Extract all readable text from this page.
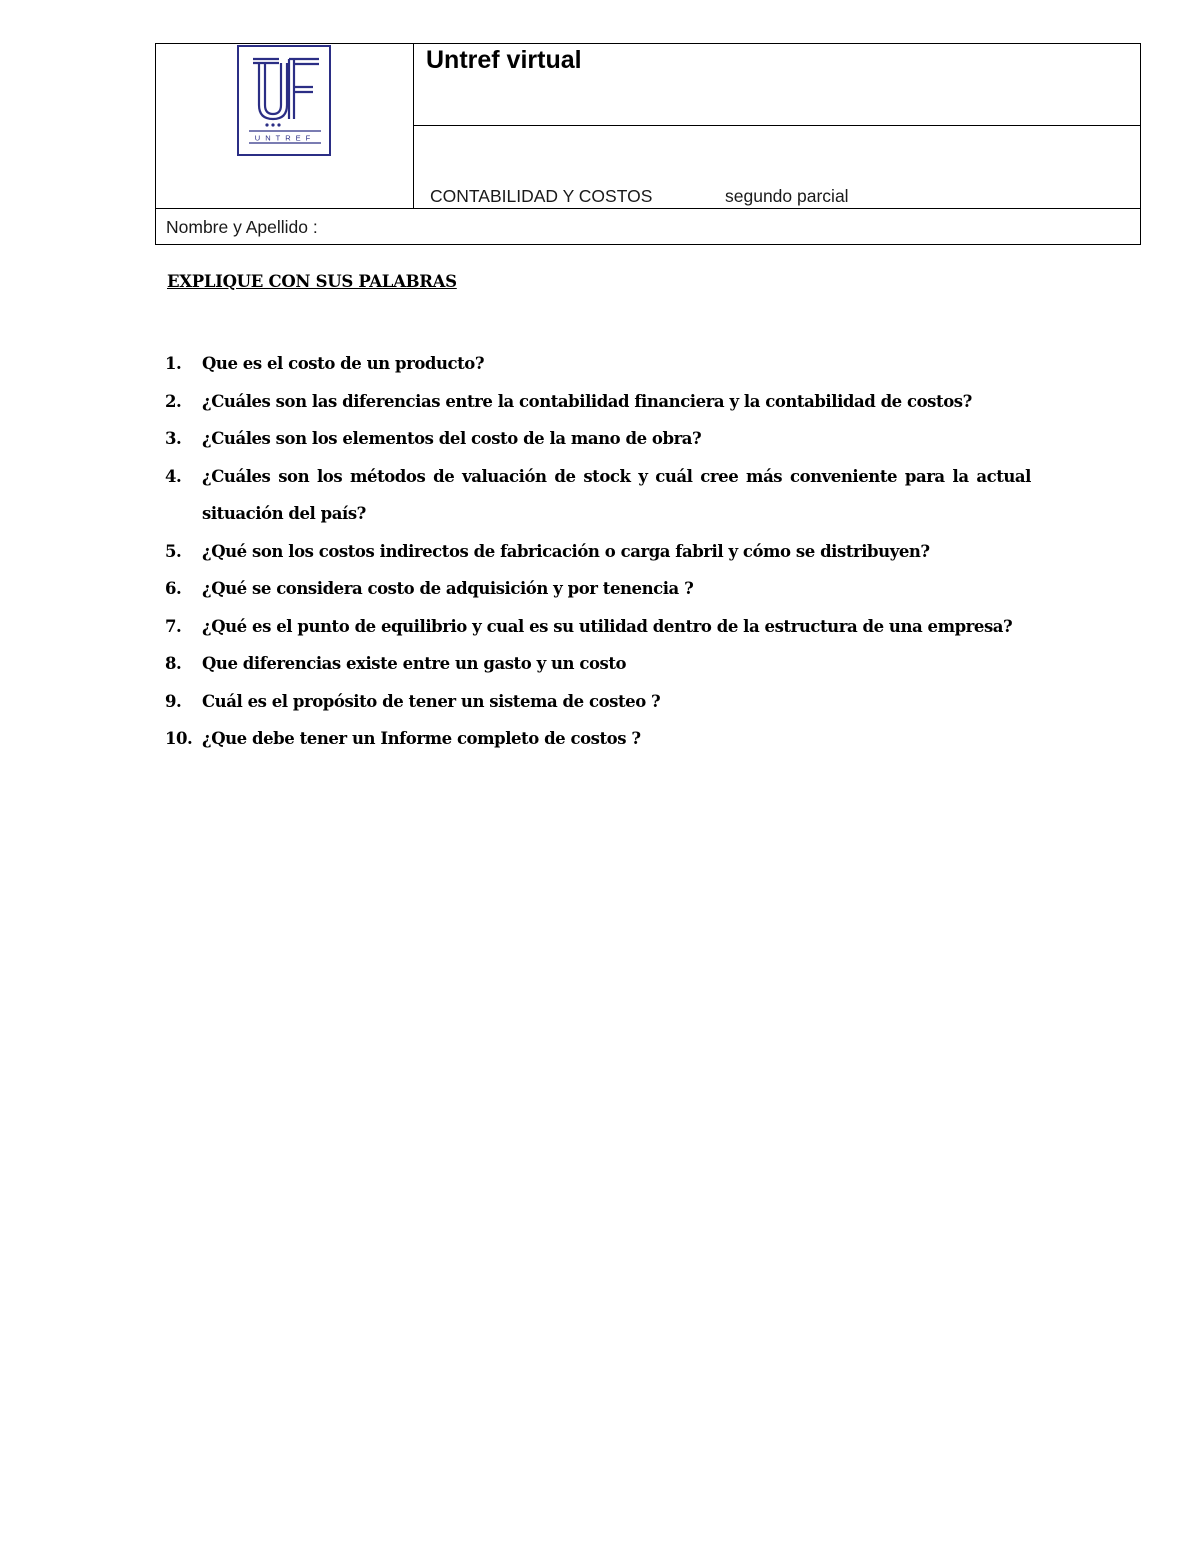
UNTREF
Untref virtual
CONTABILIDAD Y COSTOS	segundo parcial
Nombre y Apellido :
EXPLIQUE CON SUS PALABRAS
1. Que es el costo de un producto?
2. ¿Cuáles son las diferencias entre la contabilidad financiera y la contabilidad de costos?
3. ¿Cuáles son los elementos del costo de la mano de obra?
4. ¿Cuáles son los métodos de valuación de stock y cuál cree más conveniente para la actual situación del país?
5. ¿Qué son los costos indirectos de fabricación o carga fabril y cómo se distribuyen?
6. ¿Qué se considera costo de adquisición y por tenencia ?
7. ¿Qué es el punto de equilibrio y cual es su utilidad dentro de la estructura de una empresa?
8. Que diferencias existe entre un gasto y un costo
9. Cuál es el propósito de tener un sistema de costeo ?
10. ¿Que debe tener un Informe completo de costos ?
